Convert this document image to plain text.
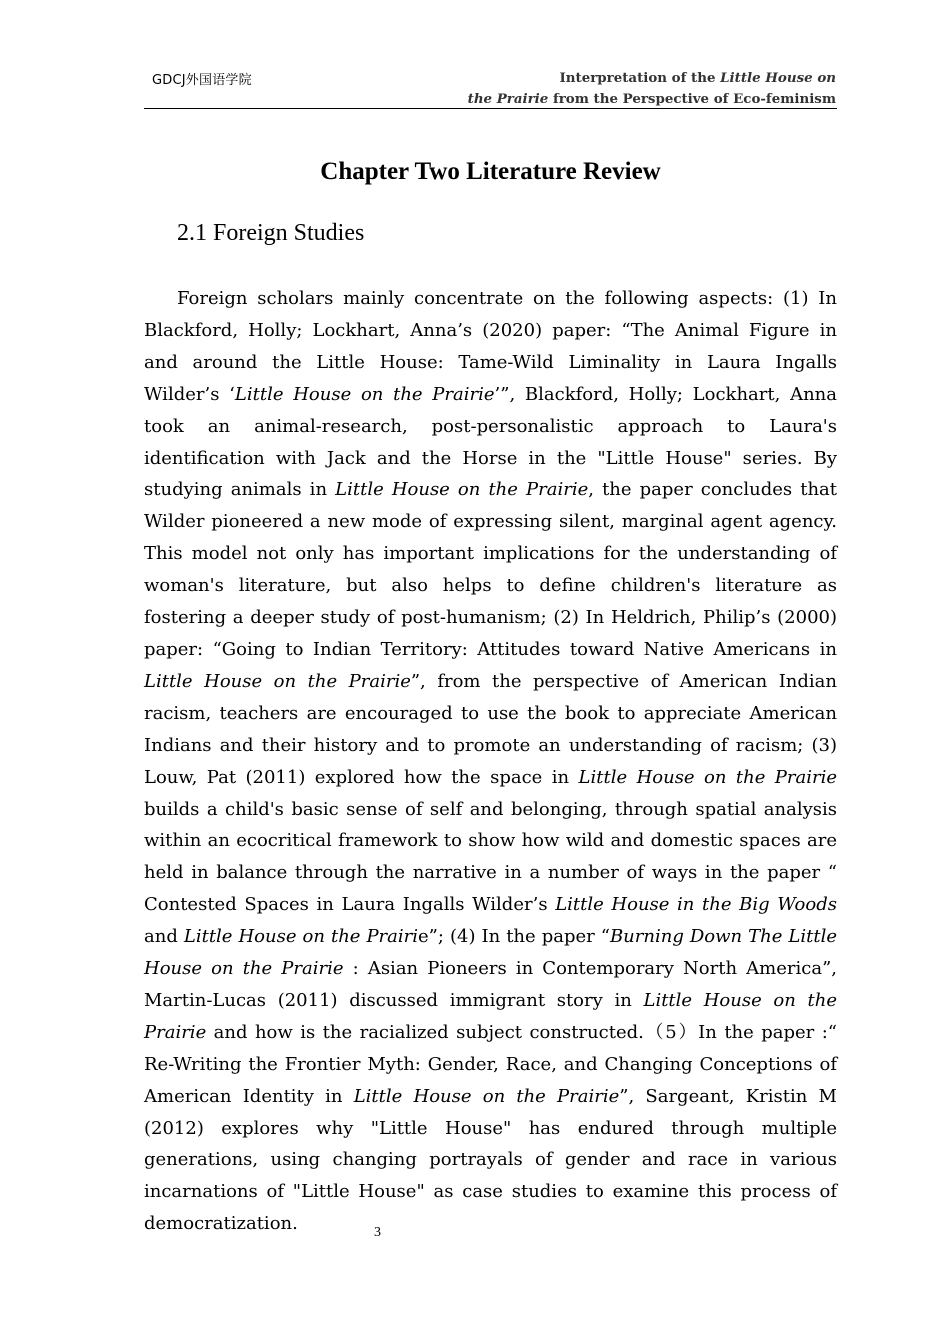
GDCJ外国语学院	Interpretation of the Little House on
the Prairie from the Perspective of Eco-feminism
Chapter Two Literature Review
2.1 Foreign Studies

Foreign scholars mainly concentrate on the following aspects: (1) In Blackford, Holly; Lockhart, Anna’s (2020) paper: “The Animal Figure in and around the Little House: Tame-Wild Liminality in Laura Ingalls Wilder’s ‘Little House on the Prairie’”, Blackford, Holly; Lockhart, Anna took an animal-research, post-personalistic approach to Laura's identification with Jack and the Horse in the "Little House" series. By studying animals in Little House on the Prairie, the paper concludes that Wilder pioneered a new mode of expressing silent, marginal agent agency. This model not only has important implications for the understanding of woman's literature, but also helps to define children's literature as fostering a deeper study of post-humanism; (2) In Heldrich, Philip’s (2000) paper: “Going to Indian Territory: Attitudes toward Native Americans in Little House on the Prairie”, from the perspective of American Indian racism, teachers are encouraged to use the book to appreciate American Indians and their history and to promote an understanding of racism; (3) Louw, Pat (2011) explored how the space in Little House on the Prairie builds a child's basic sense of self and belonging, through spatial analysis within an ecocritical framework to show how wild and domestic spaces are held in balance through the narrative in a number of ways in the paper “ Contested Spaces in Laura Ingalls Wilder’s Little House in the Big Woods and Little House on the Prairie”; (4) In the paper “Burning Down The Little House on the Prairie : Asian Pioneers in Contemporary North America”, Martin-Lucas (2011) discussed immigrant story in Little House on the Prairie and how is the racialized subject constructed.（5）In the paper :“ Re-Writing the Frontier Myth: Gender, Race, and Changing Conceptions of American Identity in Little House on the Prairie”, Sargeant, Kristin M (2012) explores why "Little House" has endured through multiple generations, using changing portrayals of gender and race in various incarnations of "Little House" as case studies to examine this process of democratization.	3
